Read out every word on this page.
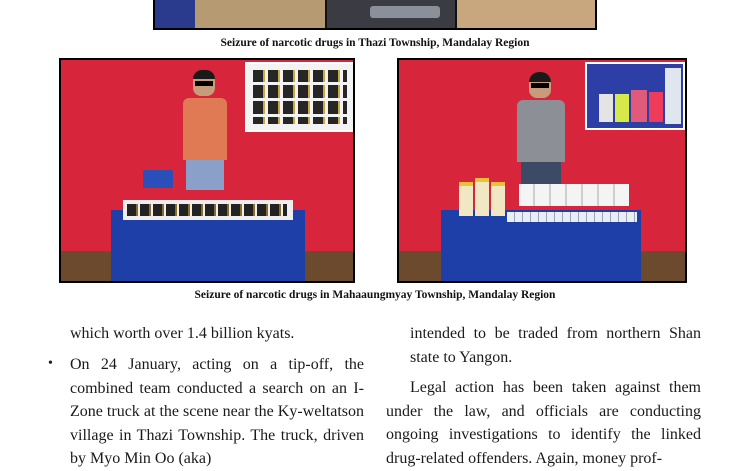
Seizure of narcotic drugs in Thazi Township, Mandalay Region
Seizure of narcotic drugs in Mahaaungmyay Township, Mandalay Region
which worth over 1.4 billion kyats.
• On 24 January, acting on a tip-off, the combined team conducted a search on an I-Zone truck at the scene near the Ky-weltatson village in Thazi Township. The truck, driven by Myo Min Oo (aka)
intended to be traded from northern Shan state to Yangon.
Legal action has been taken against them under the law, and officials are conducting ongoing investigations to identify the linked drug-related offenders. Again, money prof-
